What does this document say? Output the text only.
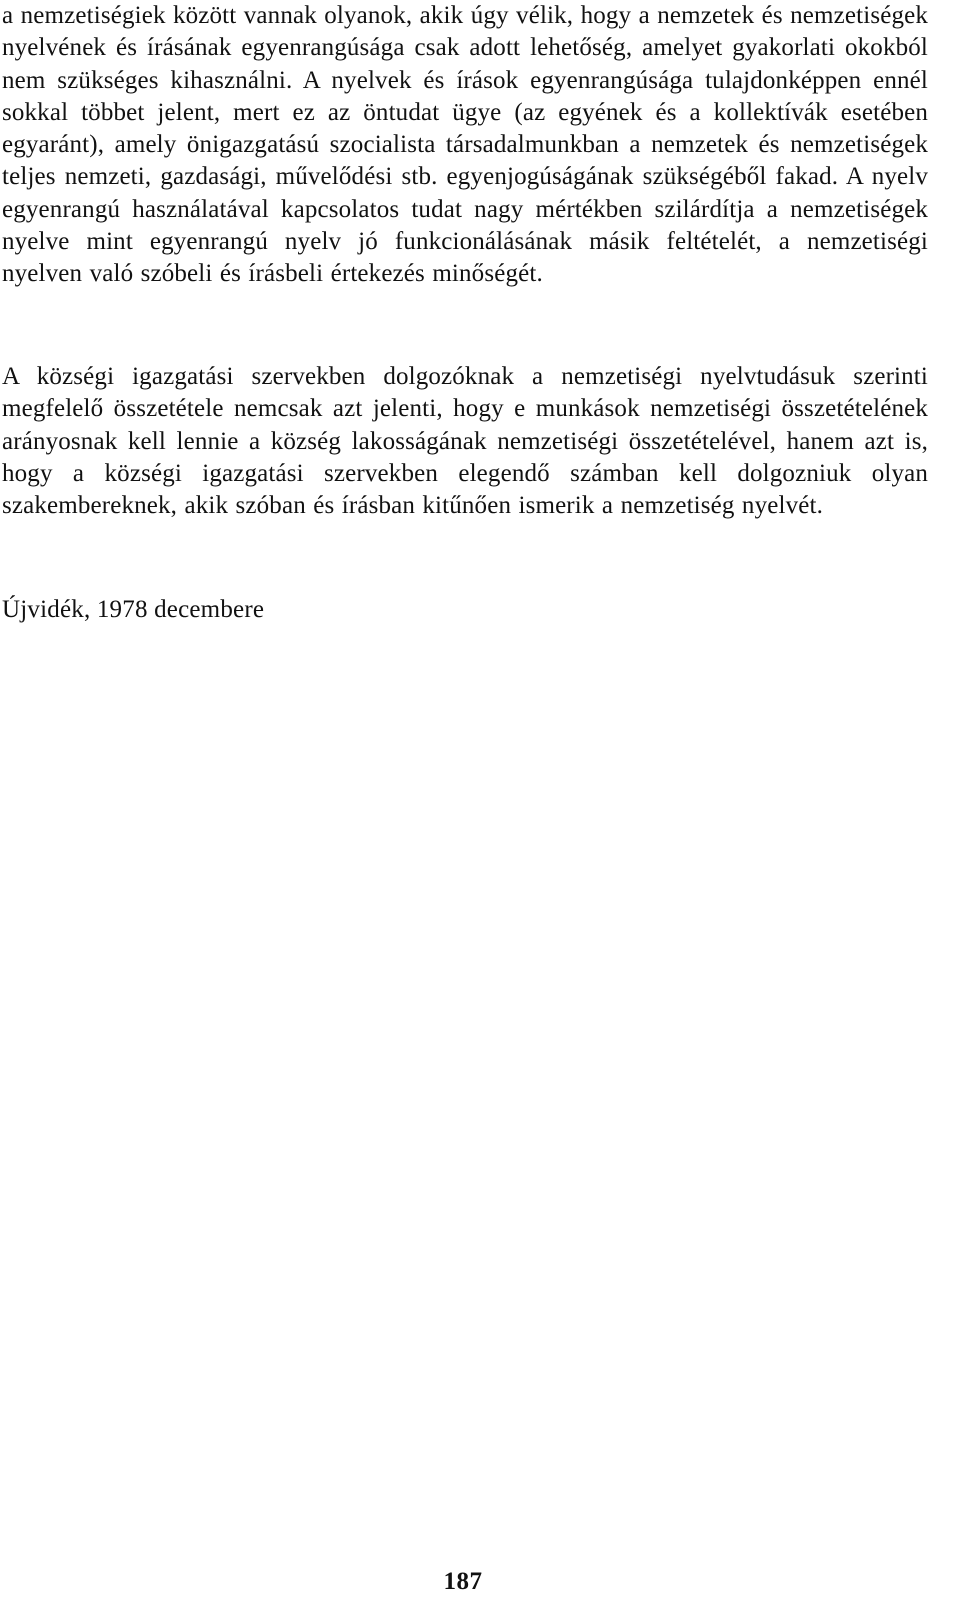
a nemzetiségiek között vannak olyanok, akik úgy vélik, hogy a nemzetek és nemzetiségek nyelvének és írásának egyenrangúsága csak adott lehetőség, amelyet gyakorlati okokból nem szükséges kihasználni. A nyelvek és írások egyenrangúsága tulajdonképpen ennél sokkal többet jelent, mert ez az öntudat ügye (az egyének és a kollektívák esetében egyaránt), amely önigazgatású szocialista társadalmunkban a nemzetek és nemzetiségek teljes nemzeti, gazdasági, művelődési stb. egyenjogúságának szükségéből fakad. A nyelv egyenrangú használatával kapcsolatos tudat nagy mértékben szilárdítja a nemzetiségek nyelve mint egyenrangú nyelv jó funkcionálásának másik feltételét, a nemzetiségi nyelven való szóbeli és írásbeli értekezés minőségét.

A községi igazgatási szervekben dolgozóknak a nemzetiségi nyelvtudásuk szerinti megfelelő összetétele nemcsak azt jelenti, hogy e munkások nemzetiségi összetételének arányosnak kell lennie a község lakosságának nemzetiségi összetételével, hanem azt is, hogy a községi igazgatási szervekben elegendő számban kell dolgozniuk olyan szakembereknek, akik szóban és írásban kitűnően ismerik a nemzetiség nyelvét.

Újvidék, 1978 decembere
187
